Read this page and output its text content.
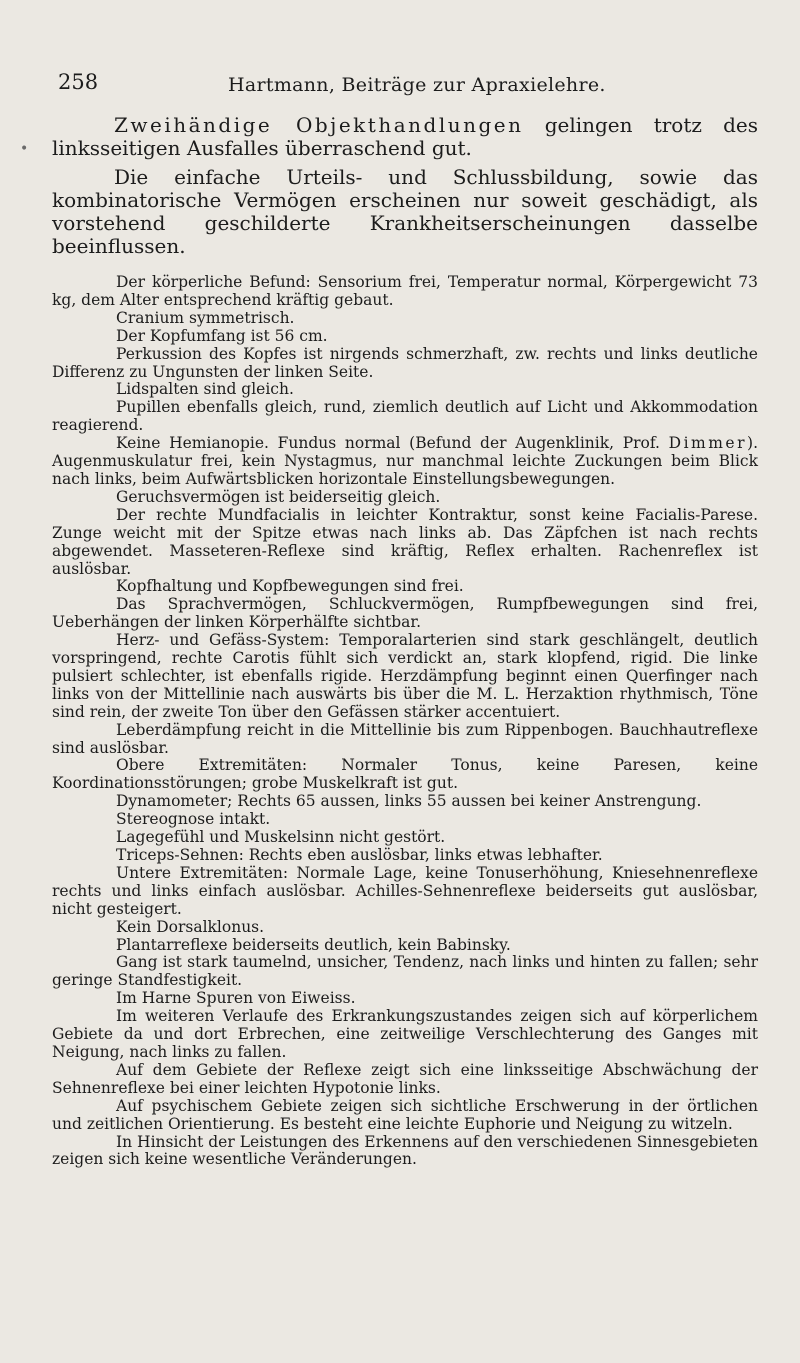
•
258	Hartmann, Beiträge zur Apraxielehre.

Zweihändige Objekthandlungen gelingen trotz des linksseitigen Ausfalles überraschend gut.

Die einfache Urteils- und Schlussbildung, sowie das kombinatorische Vermögen erscheinen nur soweit geschädigt, als vorstehend geschilderte Krankheitserscheinungen dasselbe beeinflussen.

Der körperliche Befund: Sensorium frei, Temperatur normal, Körpergewicht 73 kg, dem Alter entsprechend kräftig gebaut.

Cranium symmetrisch.

Der Kopfumfang ist 56 cm.

Perkussion des Kopfes ist nirgends schmerzhaft, zw. rechts und links deutliche Differenz zu Ungunsten der linken Seite.

Lidspalten sind gleich.

Pupillen ebenfalls gleich, rund, ziemlich deutlich auf Licht und Akkommodation reagierend.

Keine Hemianopie. Fundus normal (Befund der Augenklinik, Prof. Dimmer). Augenmuskulatur frei, kein Nystagmus, nur manchmal leichte Zuckungen beim Blick nach links, beim Aufwärtsblicken horizontale Einstellungsbewegungen.

Geruchsvermögen ist beiderseitig gleich.

Der rechte Mundfacialis in leichter Kontraktur, sonst keine Facialis-Parese. Zunge weicht mit der Spitze etwas nach links ab. Das Zäpfchen ist nach rechts abgewendet. Masseteren-Reflexe sind kräftig, Reflex erhalten. Rachenreflex ist auslösbar.

Kopfhaltung und Kopfbewegungen sind frei.

Das Sprachvermögen, Schluckvermögen, Rumpfbewegungen sind frei, Ueberhängen der linken Körperhälfte sichtbar.

Herz- und Gefäss-System: Temporalarterien sind stark geschlängelt, deutlich vorspringend, rechte Carotis fühlt sich verdickt an, stark klopfend, rigid. Die linke pulsiert schlechter, ist ebenfalls rigide. Herzdämpfung beginnt einen Querfinger nach links von der Mittellinie nach auswärts bis über die M. L. Herzaktion rhythmisch, Töne sind rein, der zweite Ton über den Gefässen stärker accentuiert.

Leberdämpfung reicht in die Mittellinie bis zum Rippenbogen. Bauchhautreflexe sind auslösbar.

Obere Extremitäten: Normaler Tonus, keine Paresen, keine Koordinationsstörungen; grobe Muskelkraft ist gut.

Dynamometer; Rechts 65 aussen, links 55 aussen bei keiner Anstrengung.

Stereognose intakt.

Lagegefühl und Muskelsinn nicht gestört.

Triceps-Sehnen: Rechts eben auslösbar, links etwas lebhafter.

Untere Extremitäten: Normale Lage, keine Tonuserhöhung, Kniesehnenreflexe rechts und links einfach auslösbar. Achilles-Sehnenreflexe beiderseits gut auslösbar, nicht gesteigert.

Kein Dorsalklonus.

Plantarreflexe beiderseits deutlich, kein Babinsky.

Gang ist stark taumelnd, unsicher, Tendenz, nach links und hinten zu fallen; sehr geringe Standfestigkeit.

Im Harne Spuren von Eiweiss.

Im weiteren Verlaufe des Erkrankungszustandes zeigen sich auf körperlichem Gebiete da und dort Erbrechen, eine zeitweilige Verschlechterung des Ganges mit Neigung, nach links zu fallen.

Auf dem Gebiete der Reflexe zeigt sich eine linksseitige Abschwächung der Sehnenreflexe bei einer leichten Hypotonie links.

Auf psychischem Gebiete zeigen sich sichtliche Erschwerung in der örtlichen und zeitlichen Orientierung. Es besteht eine leichte Euphorie und Neigung zu witzeln.

In Hinsicht der Leistungen des Erkennens auf den verschiedenen Sinnesgebieten zeigen sich keine wesentliche Veränderungen.
